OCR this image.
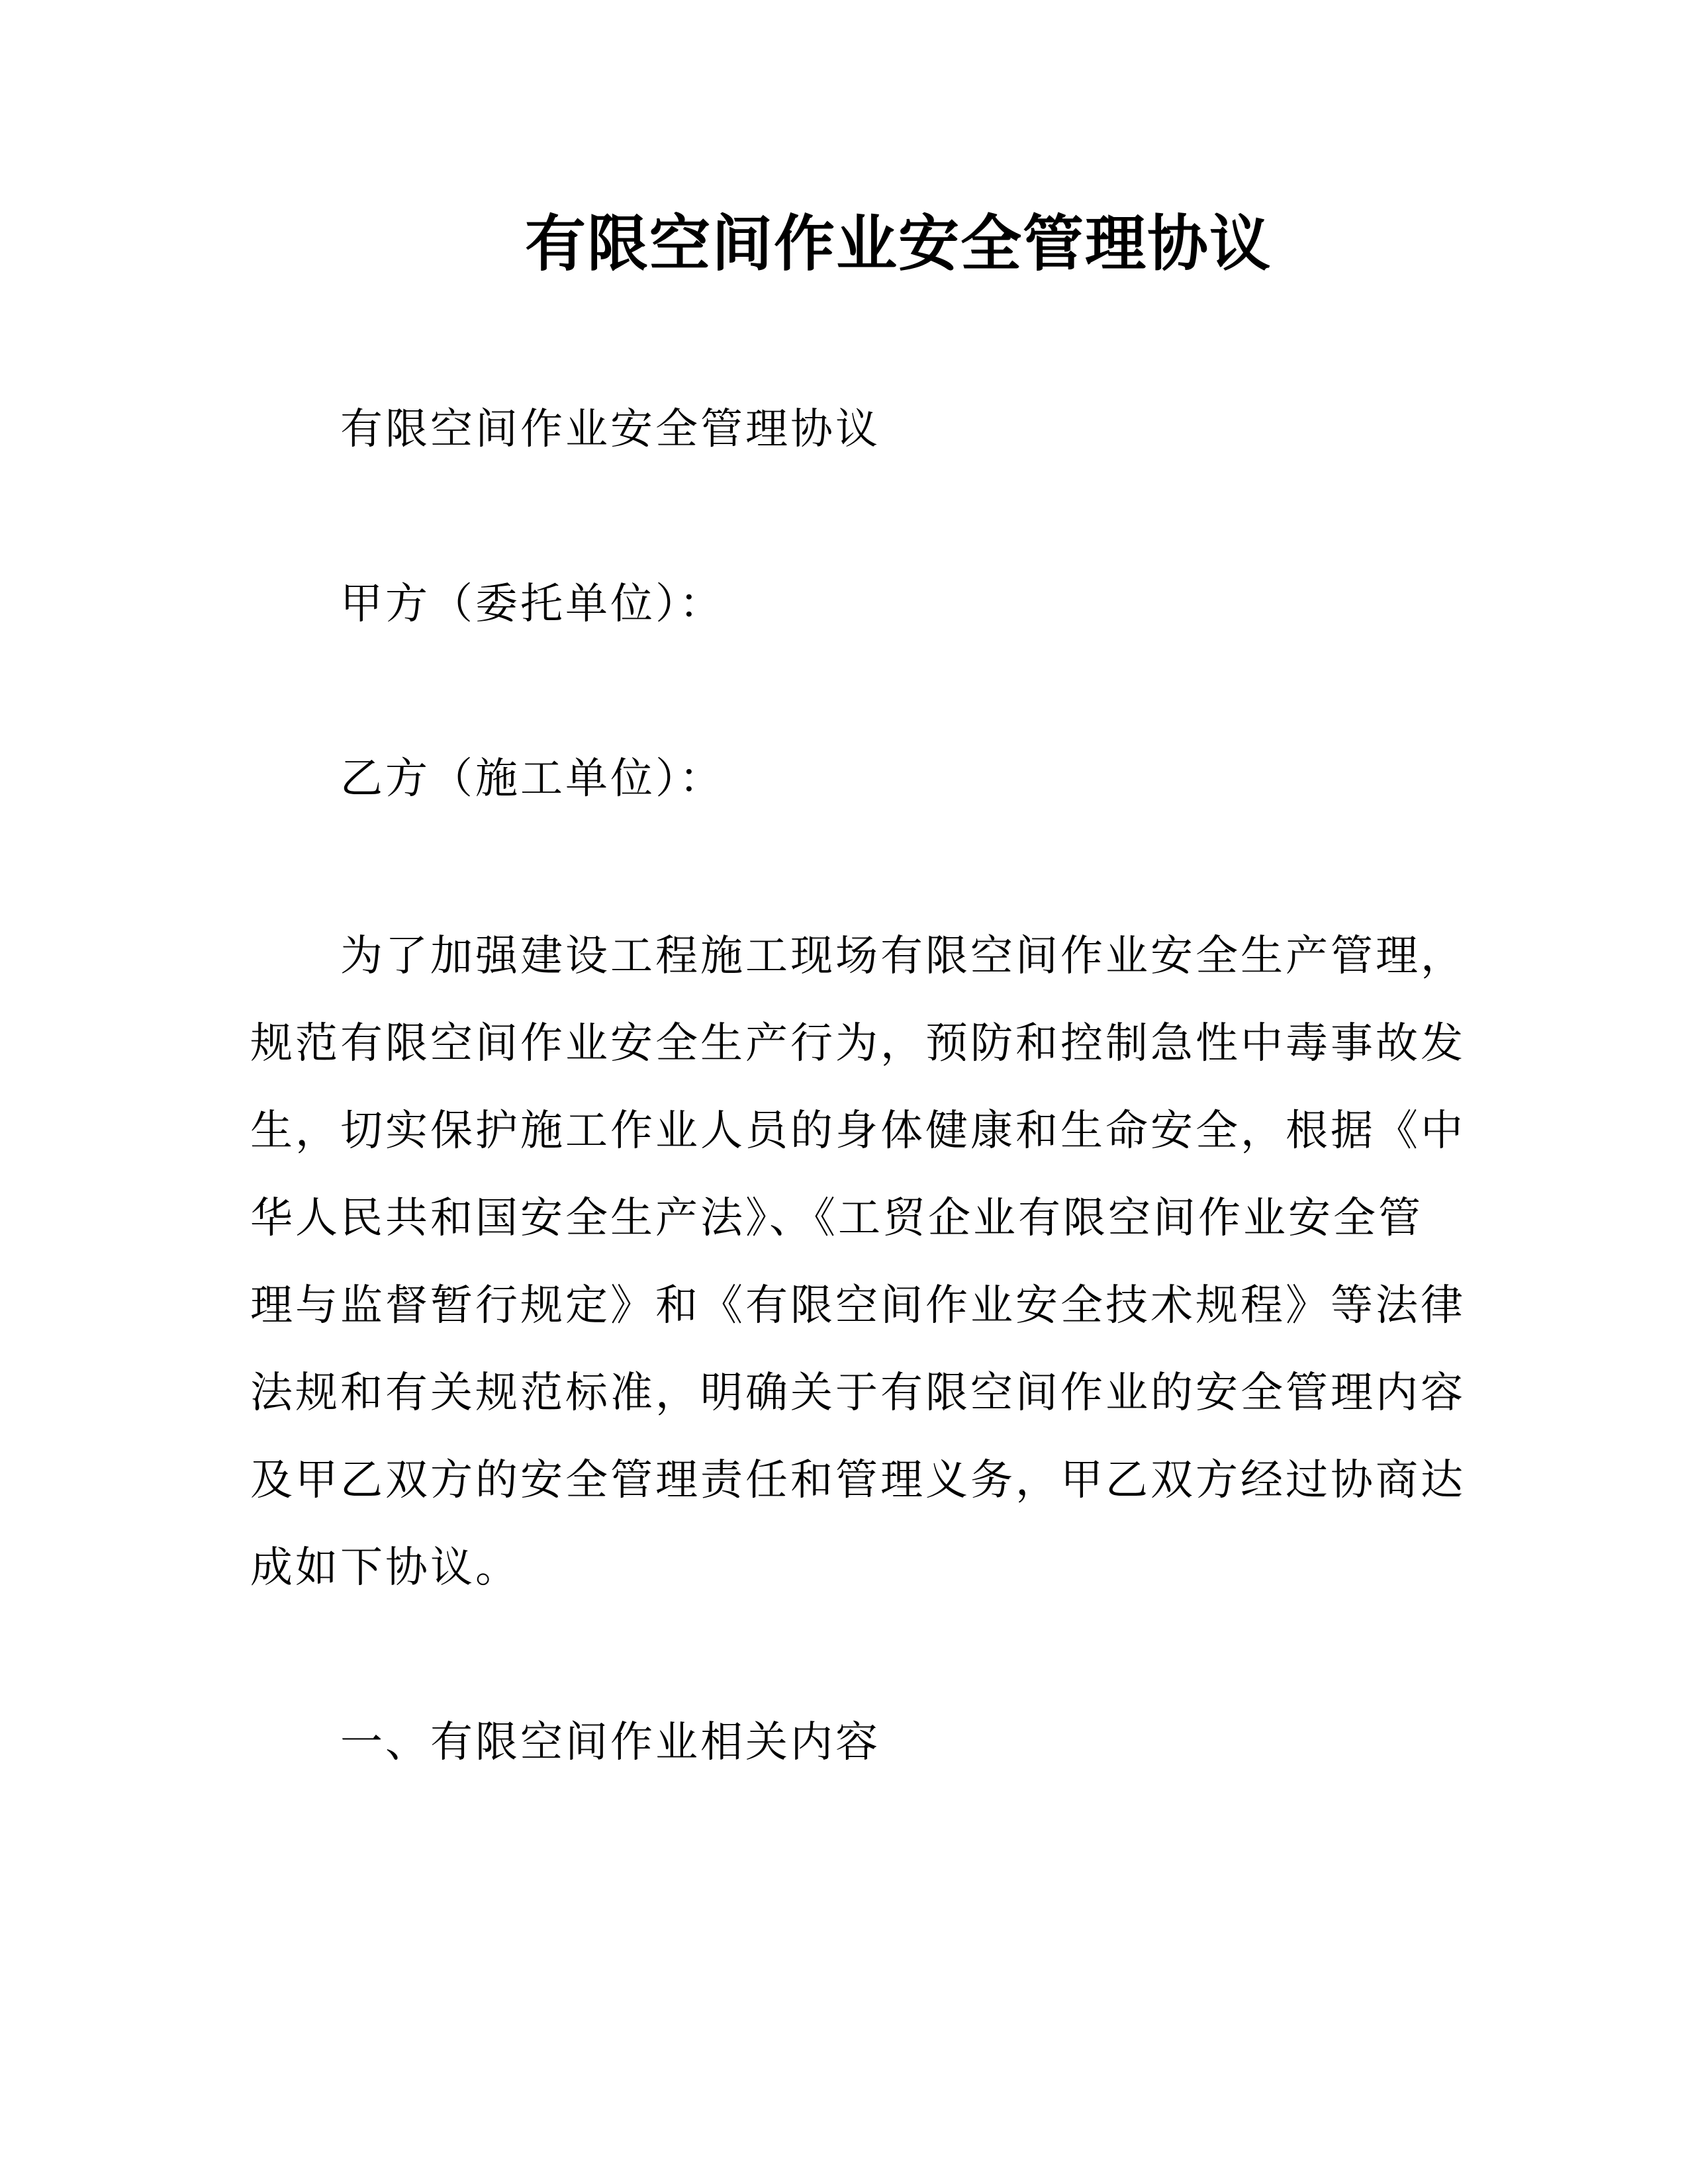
有限空间作业安全管理协议
有限空间作业安全管理协议
甲方（委托单位）：
乙方（施工单位）：
为了加强建设工程施工现场有限空间作业安全生产管理，
规范有限空间作业安全生产行为，预防和控制急性中毒事故发
生，切实保护施工作业人员的身体健康和生命安全，根据《中
华人民共和国安全生产法》、《工贸企业有限空间作业安全管
理与监督暂行规定》和《有限空间作业安全技术规程》等法律
法规和有关规范标准，明确关于有限空间作业的安全管理内容
及甲乙双方的安全管理责任和管理义务，甲乙双方经过协商达
成如下协议。
一、有限空间作业相关内容
